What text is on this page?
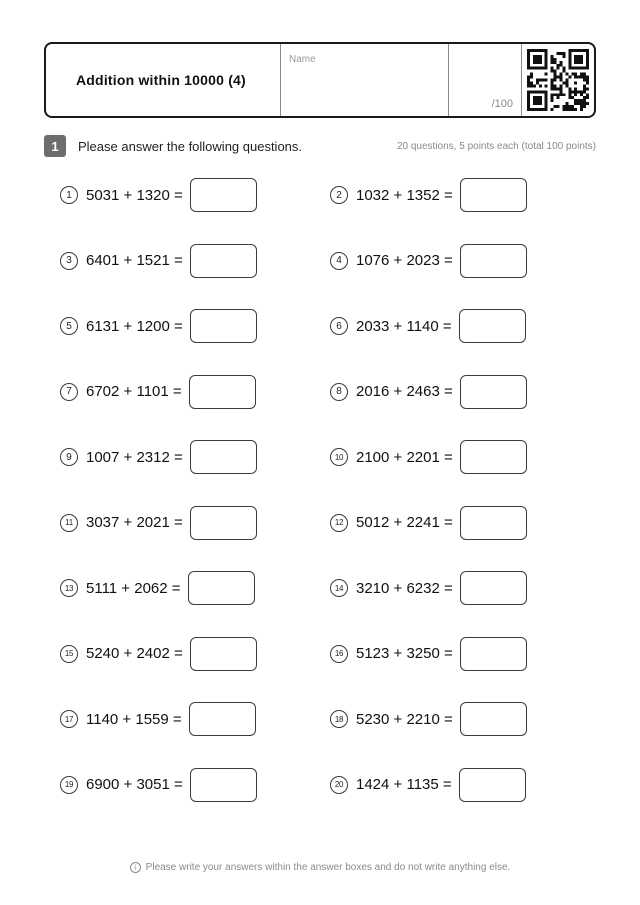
Addition within 10000 (4)
Name
/100
1	Please answer the following questions.	20 questions, 5 points each (total 100 points)
1 5031 + 1320 =	2 1032 + 1352 =
3 6401 + 1521 =	4 1076 + 2023 =
5 6131 + 1200 =	6 2033 + 1140 =
7 6702 + 1101 =	8 2016 + 2463 =
9 1007 + 2312 =	10 2100 + 2201 =
11 3037 + 2021 =	12 5012 + 2241 =
13 5111 + 2062 =	14 3210 + 6232 =
15 5240 + 2402 =	16 5123 + 3250 =
17 1140 + 1559 =	18 5230 + 2210 =
19 6900 + 3051 =	20 1424 + 1135 =
i Please write your answers within the answer boxes and do not write anything else.
